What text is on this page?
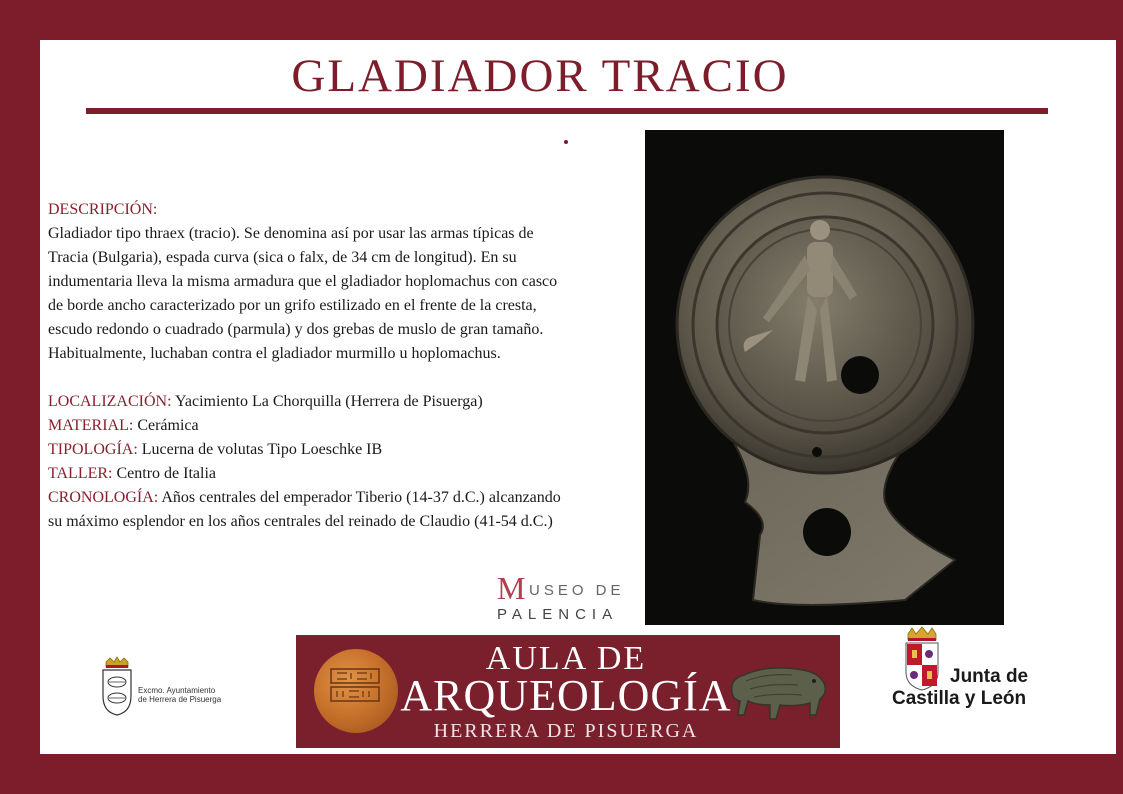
GLADIADOR TRACIO
DESCRIPCIÓN:
Gladiador tipo thraex (tracio). Se denomina así por usar las armas típicas de Tracia (Bulgaria), espada curva (sica o falx, de 34 cm de longitud). En su indumentaria lleva la misma armadura que el gladiador hoplomachus con casco de borde ancho caracterizado por un grifo estilizado en el frente de la cresta, escudo redondo o cuadrado (parmula) y dos grebas de muslo de gran tamaño. Habitualmente, luchaban contra el gladiador murmillo u hoplomachus.
LOCALIZACIÓN: Yacimiento La Chorquilla (Herrera de Pisuerga)
MATERIAL: Cerámica
TIPOLOGÍA: Lucerna de volutas Tipo Loeschke IB
TALLER: Centro de Italia
CRONOLOGÍA: Años centrales del emperador Tiberio (14-37 d.C.) alcanzando su máximo esplendor en los años centrales del reinado de Claudio (41-54 d.C.)
M USEO DE
PALENCIA
AULA DE
ARQUEOLOGÍA
HERRERA DE PISUERGA
Excmo. Ayuntamiento
de Herrera de Pisuerga
Junta de
Castilla y León
